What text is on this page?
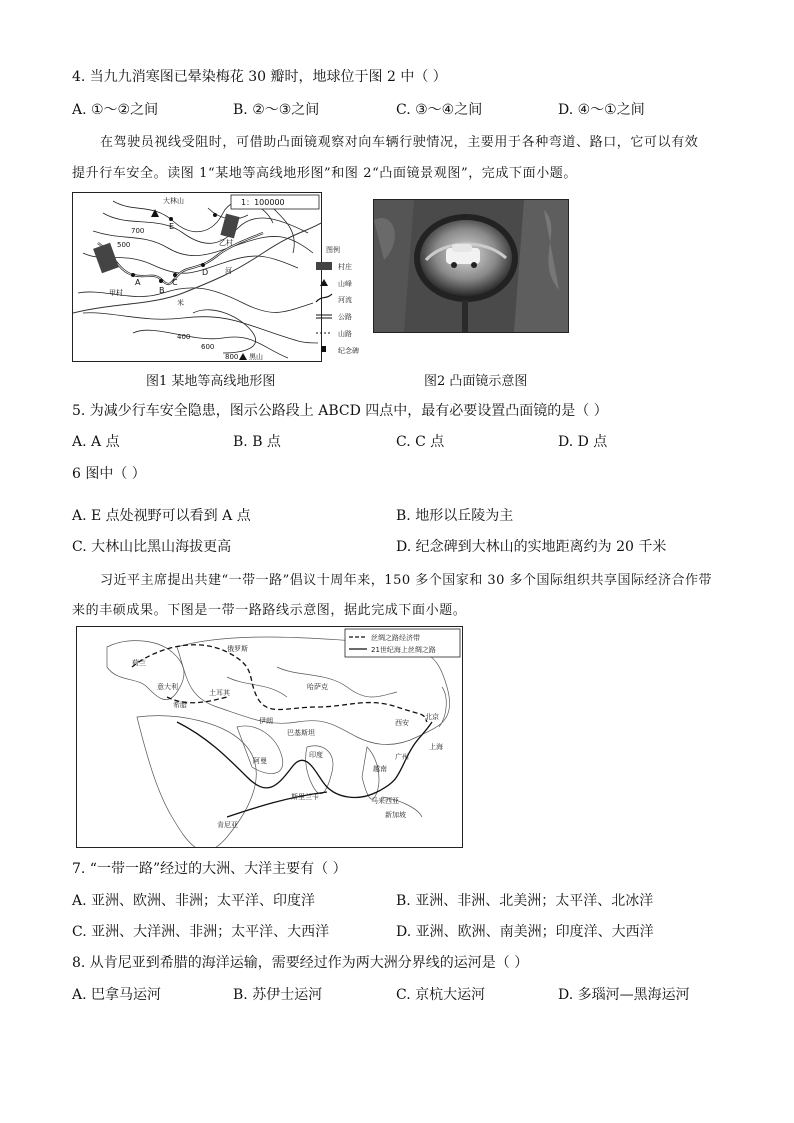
4. 当九九消寒图已晕染梅花 30 瓣时，地球位于图 2 中（ ）
A. ①～②之间	B. ②～③之间	C. ③～④之间	D. ④～①之间
在驾驶员视线受阻时，可借助凸面镜观察对向车辆行驶情况，主要用于各种弯道、路口，它可以有效
提升行车安全。读图 1“某地等高线地形图”和图 2“凸面镜景观图”，完成下面小题。
1：100000
大林山
乙村
甲村
黑山
河
米
700
500
400
600
800
A
B
C
D
E
图例
村庄
山峰
河流
公路
山路
纪念碑
图1 某地等高线地形图	图2 凸面镜示意图
5. 为减少行车安全隐患，图示公路段上 ABCD 四点中，最有必要设置凸面镜的是（ ）
A. A 点	B. B 点	C. C 点	D. D 点
6 图中（ ）
A. E 点处视野可以看到 A 点	B. 地形以丘陵为主
C. 大林山比黑山海拔更高	D. 纪念碑到大林山的实地距离约为 20 千米
习近平主席提出共建“一带一路”倡议十周年来，150 多个国家和 30 多个国际组织共享国际经济合作带
来的丰硕成果。下图是一带一路路线示意图，据此完成下面小题。
丝绸之路经济带
21世纪海上丝绸之路
荷兰
俄罗斯
意大利
土耳其
希腊
伊朗
巴基斯坦
阿曼
印度
斯里兰卡
肯尼亚
西安
北京
上海
广州
越南
马来西亚
新加坡
哈萨克
7. “一带一路”经过的大洲、大洋主要有（ ）
A. 亚洲、欧洲、非洲；太平洋、印度洋	B. 亚洲、非洲、北美洲；太平洋、北冰洋
C. 亚洲、大洋洲、非洲；太平洋、大西洋	D. 亚洲、欧洲、南美洲；印度洋、大西洋
8. 从肯尼亚到希腊的海洋运输，需要经过作为两大洲分界线的运河是（ ）
A. 巴拿马运河	B. 苏伊士运河	C. 京杭大运河	D. 多瑙河—黑海运河
